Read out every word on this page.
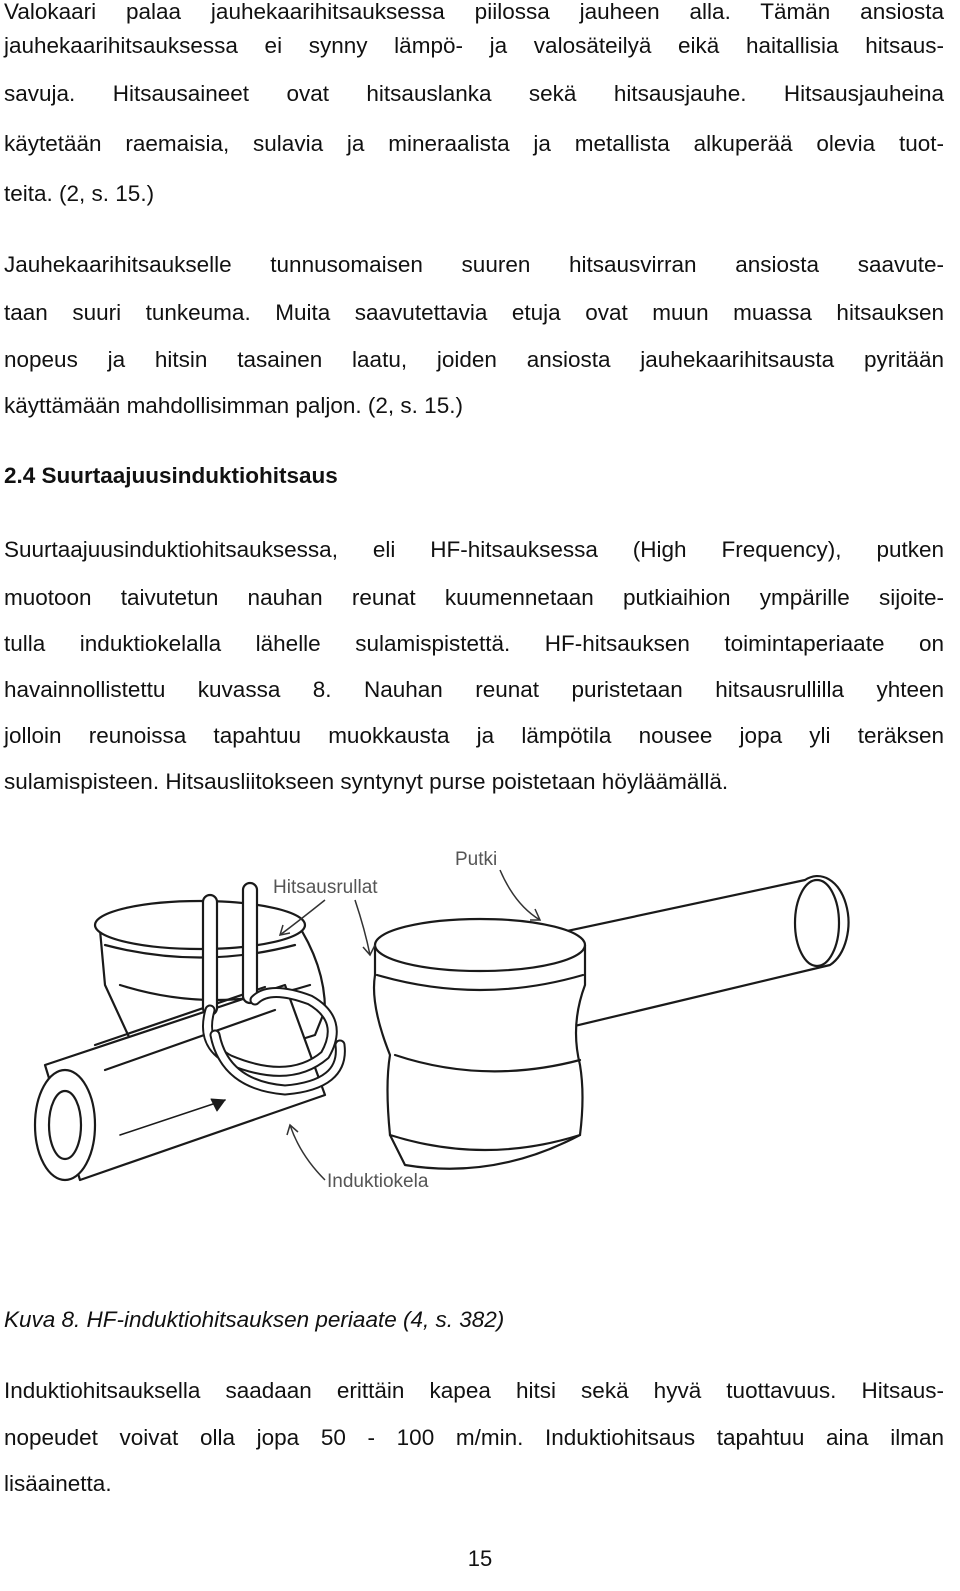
Valokaari palaa jauhekaarihitsauksessa piilossa jauheen alla. Tämän ansiosta
jauhekaarihitsauksessa ei synny lämpö- ja valosäteilyä eikä haitallisia hitsaus-
savuja. Hitsausaineet ovat hitsauslanka sekä hitsausjauhe. Hitsausjauheina
käytetään raemaisia, sulavia ja mineraalista ja metallista alkuperää olevia tuot-
teita. (2, s. 15.)
Jauhekaarihitsaukselle tunnusomaisen suuren hitsausvirran ansiosta saavute-
taan suuri tunkeuma. Muita saavutettavia etuja ovat muun muassa hitsauksen
nopeus ja hitsin tasainen laatu, joiden ansiosta jauhekaarihitsausta pyritään
käyttämään mahdollisimman paljon. (2, s. 15.)
2.4 Suurtaajuusinduktiohitsaus
Suurtaajuusinduktiohitsauksessa, eli HF-hitsauksessa (High Frequency), putken
muotoon taivutetun nauhan reunat kuumennetaan putkiaihion ympärille sijoite-
tulla induktiokelalla lähelle sulamispistettä. HF-hitsauksen toimintaperiaate on
havainnollistettu kuvassa 8. Nauhan reunat puristetaan hitsausrullilla yhteen
jolloin reunoissa tapahtuu muokkausta ja lämpötila nousee jopa yli teräksen
sulamispisteen. Hitsausliitokseen syntynyt purse poistetaan höyläämällä.
Putki
Hitsausrullat
Induktiokela
Kuva 8. HF-induktiohitsauksen periaate (4, s. 382)
Induktiohitsauksella saadaan erittäin kapea hitsi sekä hyvä tuottavuus. Hitsaus-
nopeudet voivat olla jopa 50 - 100 m/min. Induktiohitsaus tapahtuu aina ilman
lisäainetta.
15
